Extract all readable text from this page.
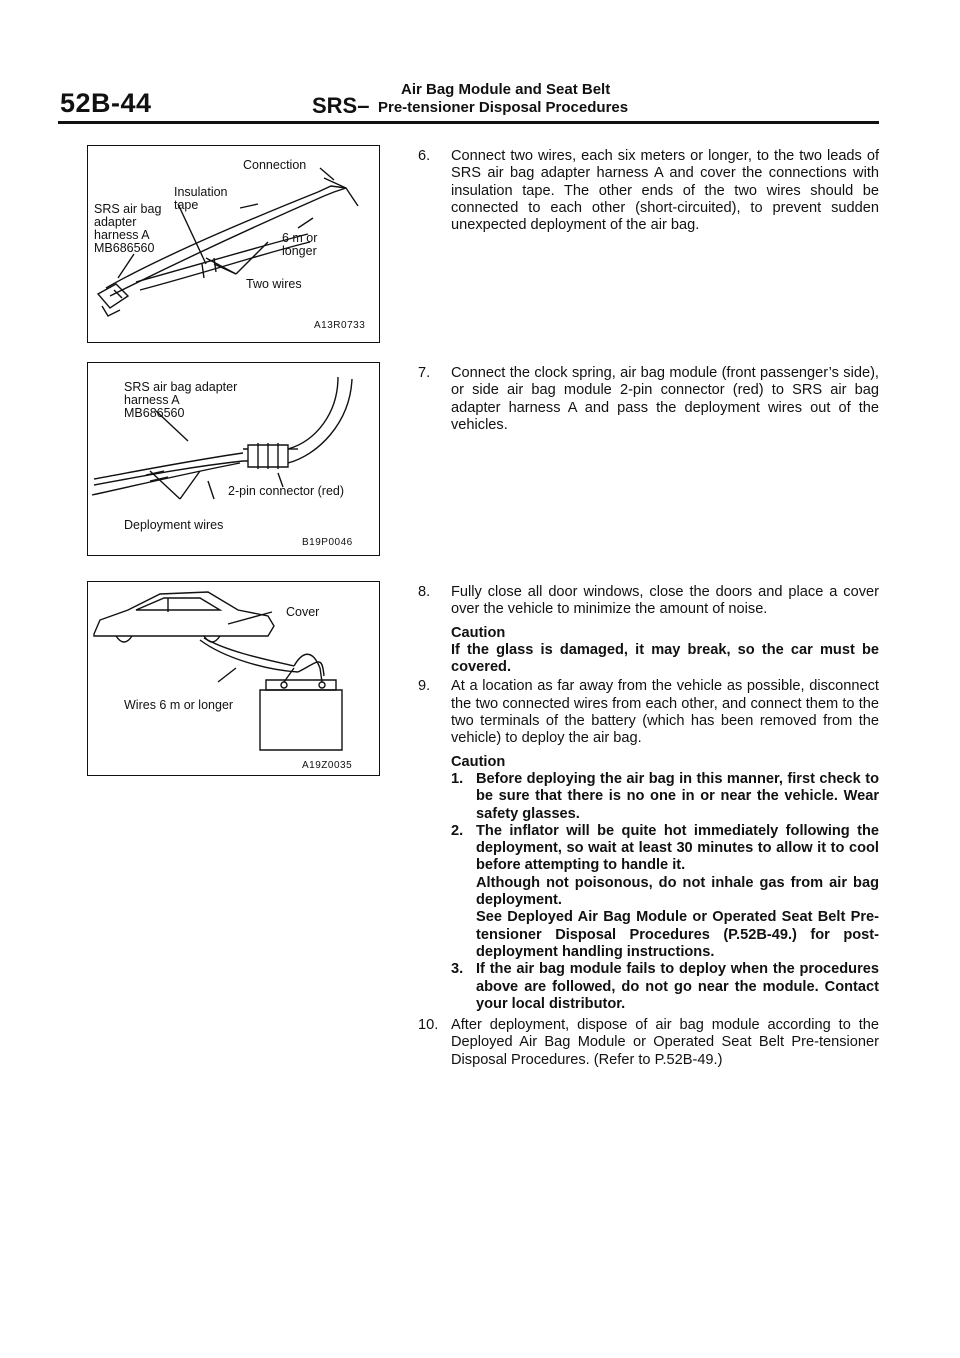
52B-44	SRS–
Air Bag Module and Seat Belt
Pre-tensioner Disposal Procedures
Connection
Insulation
tape
SRS air bag
adapter
harness A
MB686560
6 m or
longer
Two wires
A13R0733
SRS air bag adapter
harness A
MB686560
2-pin connector (red)
Deployment wires
B19P0046
Cover
Wires 6 m or longer
A19Z0035
6. Connect two wires, each six meters or longer, to the two leads of SRS air bag adapter harness A and cover the connections with insulation tape. The other ends of the two wires should be connected to each other (short-circuited), to prevent sudden unexpected deployment of the air bag.
7. Connect the clock spring, air bag module (front passenger’s side), or side air bag module 2-pin connector (red) to SRS air bag adapter harness A and pass the deployment wires out of the vehicles.
8. Fully close all door windows, close the doors and place a cover over the vehicle to minimize the amount of noise.
Caution
If the glass is damaged, it may break, so the car must be covered.
9. At a location as far away from the vehicle as possible, disconnect the two connected wires from each other, and connect them to the two terminals of the battery (which has been removed from the vehicle) to deploy the air bag.
Caution
1. Before deploying the air bag in this manner, first check to be sure that there is no one in or near the vehicle. Wear safety glasses.
2. The inflator will be quite hot immediately following the deployment, so wait at least 30 minutes to allow it to cool before attempting to handle it.
Although not poisonous, do not inhale gas from air bag deployment.
See Deployed Air Bag Module or Operated Seat Belt Pre-tensioner Disposal Procedures (P.52B-49.) for post-deployment handling instructions.
3. If the air bag module fails to deploy when the procedures above are followed, do not go near the module. Contact your local distributor.
10. After deployment, dispose of air bag module according to the Deployed Air Bag Module or Operated Seat Belt Pre-tensioner Disposal Procedures. (Refer to P.52B-49.)
